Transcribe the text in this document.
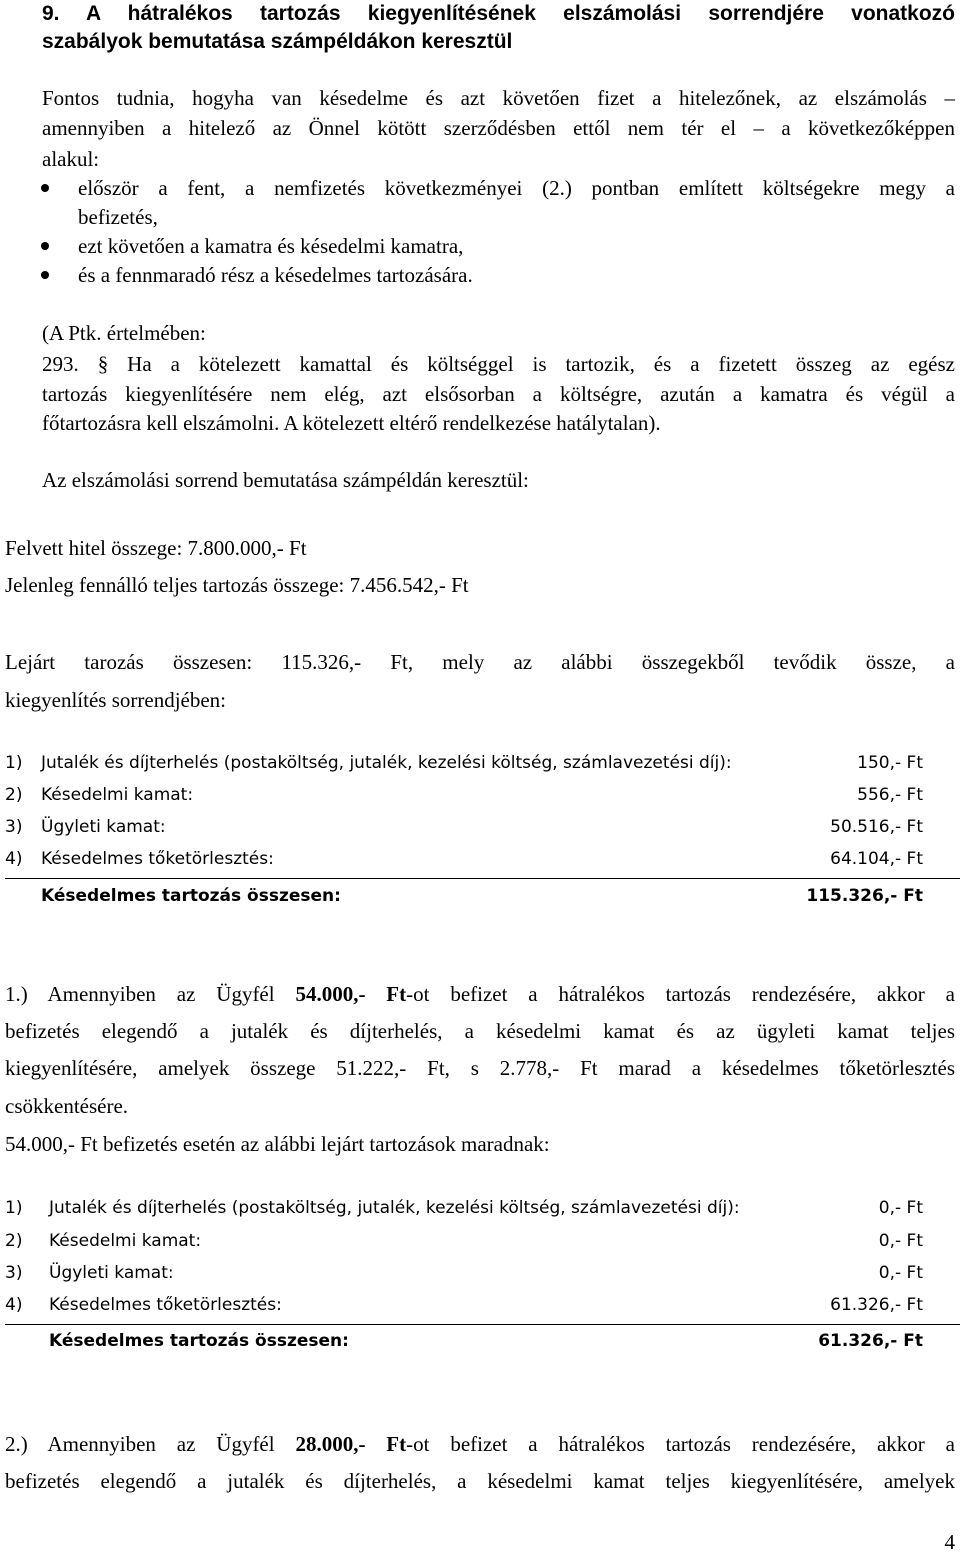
9. A hátralékos tartozás kiegyenlítésének elszámolási sorrendjére vonatkozó
szabályok bemutatása számpéldákon keresztül
Fontos tudnia, hogyha van késedelme és azt követően fizet a hitelezőnek, az elszámolás –
amennyiben a hitelező az Önnel kötött szerződésben ettől nem tér el – a következőképpen
alakul:
először a fent, a nemfizetés következményei (2.) pontban említett költségekre megy a
befizetés,
ezt követően a kamatra és késedelmi kamatra,
és a fennmaradó rész a késedelmes tartozására.
(A Ptk. értelmében:
293. § Ha a kötelezett kamattal és költséggel is tartozik, és a fizetett összeg az egész
tartozás kiegyenlítésére nem elég, azt elsősorban a költségre, azután a kamatra és végül a
főtartozásra kell elszámolni. A kötelezett eltérő rendelkezése hatálytalan).
Az elszámolási sorrend bemutatása számpéldán keresztül:
Felvett hitel összege: 7.800.000,- Ft
Jelenleg fennálló teljes tartozás összege: 7.456.542,- Ft
Lejárt tarozás összesen: 115.326,- Ft, mely az alábbi összegekből tevődik össze, a
kiegyenlítés sorrendjében:
1) Jutalék és díjterhelés (postaköltség, jutalék, kezelési költség, számlavezetési díj):	150,- Ft
2) Késedelmi kamat:	556,- Ft
3) Ügyleti kamat:	50.516,- Ft
4) Késedelmes tőketörlesztés:	64.104,- Ft
Késedelmes tartozás összesen:	115.326,- Ft
1.) Amennyiben az Ügyfél 54.000,- Ft-ot befizet a hátralékos tartozás rendezésére, akkor a
befizetés elegendő a jutalék és díjterhelés, a késedelmi kamat és az ügyleti kamat teljes
kiegyenlítésére, amelyek összege 51.222,- Ft, s 2.778,- Ft marad a késedelmes tőketörlesztés
csökkentésére.
54.000,- Ft befizetés esetén az alábbi lejárt tartozások maradnak:
1) Jutalék és díjterhelés (postaköltség, jutalék, kezelési költség, számlavezetési díj):	0,- Ft
2) Késedelmi kamat:	0,- Ft
3) Ügyleti kamat:	0,- Ft
4) Késedelmes tőketörlesztés:	61.326,- Ft
Késedelmes tartozás összesen:	61.326,- Ft
2.) Amennyiben az Ügyfél 28.000,- Ft-ot befizet a hátralékos tartozás rendezésére, akkor a
befizetés elegendő a jutalék és díjterhelés, a késedelmi kamat teljes kiegyenlítésére, amelyek
4
